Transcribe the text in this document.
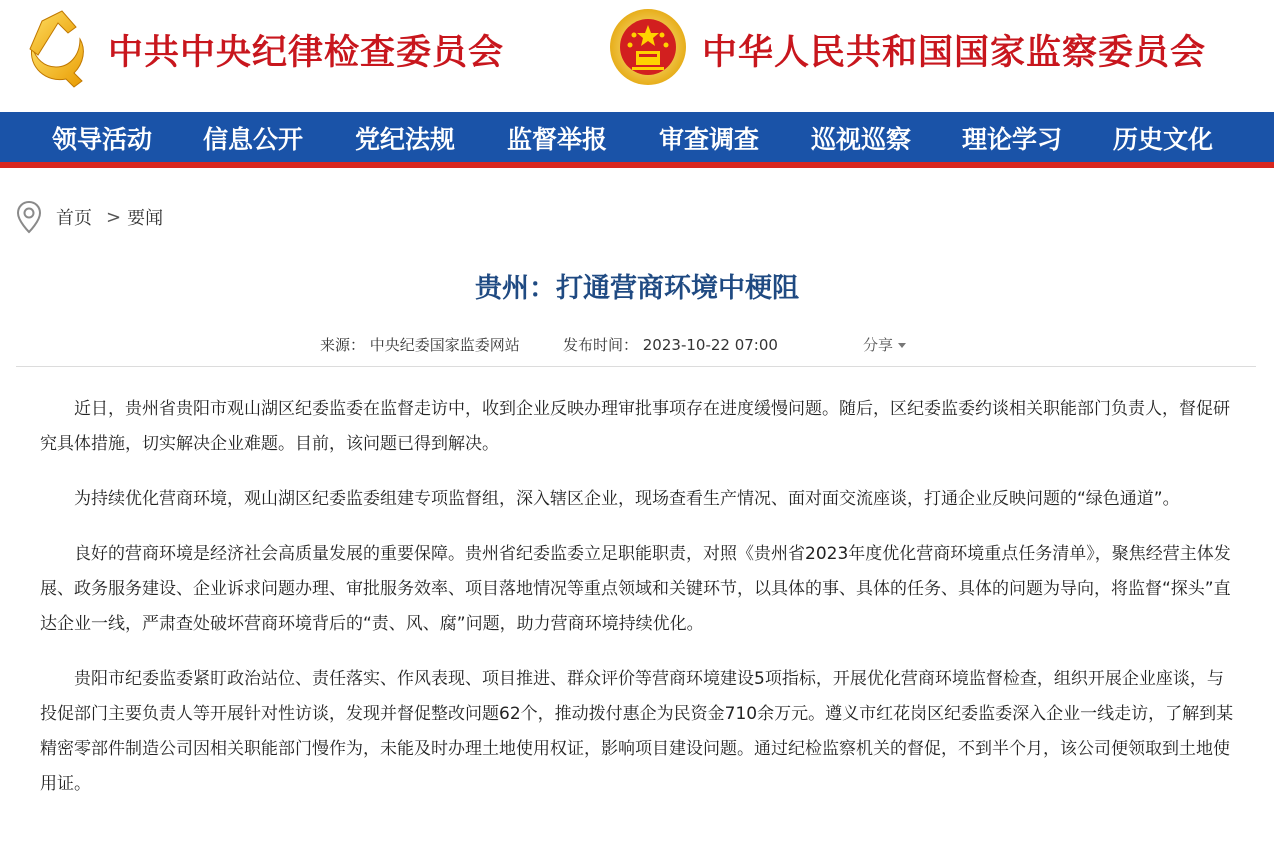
中共中央纪律检查委员会	中华人民共和国国家监察委员会
领导活动 信息公开 党纪法规 监督举报 审查调查 巡视巡察 理论学习 历史文化
首页 > 要闻
贵州：打通营商环境中梗阻
来源： 中央纪委国家监委网站	发布时间： 2023-10-22 07:00	分享

近日，贵州省贵阳市观山湖区纪委监委在监督走访中，收到企业反映办理审批事项存在进度缓慢问题。随后，区纪委监委约谈相关职能部门负责人，督促研究具体措施，切实解决企业难题。目前，该问题已得到解决。

为持续优化营商环境，观山湖区纪委监委组建专项监督组，深入辖区企业，现场查看生产情况、面对面交流座谈，打通企业反映问题的“绿色通道”。

良好的营商环境是经济社会高质量发展的重要保障。贵州省纪委监委立足职能职责，对照《贵州省2023年度优化营商环境重点任务清单》，聚焦经营主体发展、政务服务建设、企业诉求问题办理、审批服务效率、项目落地情况等重点领域和关键环节，以具体的事、具体的任务、具体的问题为导向，将监督“探头”直达企业一线，严肃查处破坏营商环境背后的“责、风、腐”问题，助力营商环境持续优化。

贵阳市纪委监委紧盯政治站位、责任落实、作风表现、项目推进、群众评价等营商环境建设5项指标，开展优化营商环境监督检查，组织开展企业座谈，与投促部门主要负责人等开展针对性访谈，发现并督促整改问题62个，推动拨付惠企为民资金710余万元。遵义市红花岗区纪委监委深入企业一线走访，了解到某精密零部件制造公司因相关职能部门慢作为，未能及时办理土地使用权证，影响项目建设问题。通过纪检监察机关的督促，不到半个月，该公司便领取到土地使用证。
